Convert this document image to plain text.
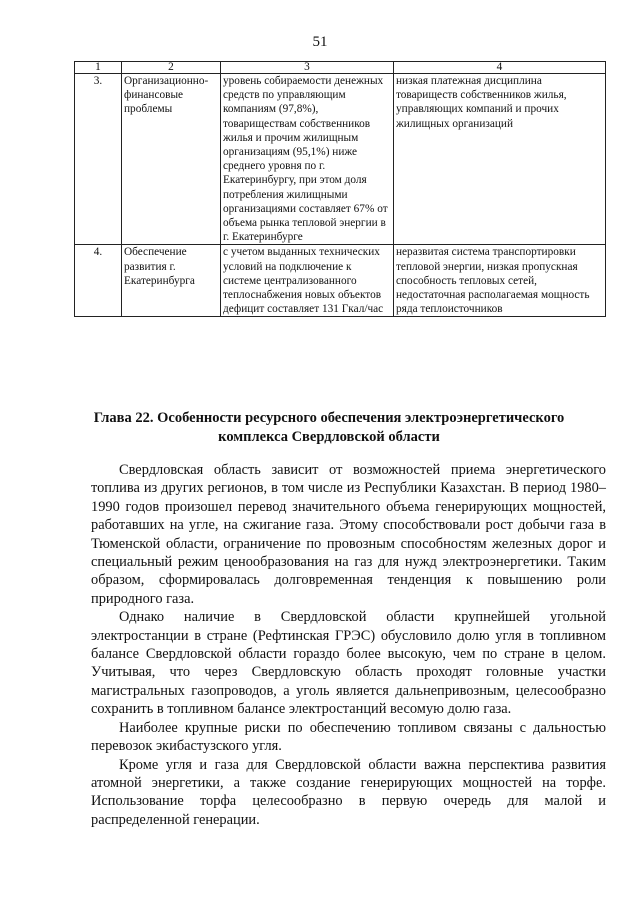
51
1	2	3	4
3.	Организационно-финансовые проблемы	уровень собираемости денежных средств по управляющим компаниям (97,8%), товариществам собственников жилья и прочим жилищным организациям (95,1%) ниже среднего уровня по г. Екатеринбургу, при этом доля потребления жилищными организациями составляет 67% от объема рынка тепловой энергии в г. Екатеринбурге	низкая платежная дисциплина товариществ собственников жилья, управляющих компаний и прочих жилищных организаций
4.	Обеспечение развития г. Екатеринбурга	с учетом выданных технических условий на подключение к системе централизованного теплоснабжения новых объектов дефицит составляет 131 Гкал/час	неразвитая система транспортировки тепловой энергии, низкая пропускная способность тепловых сетей, недостаточная располагаемая мощность ряда теплоисточников
Глава 22. Особенности ресурсного обеспечения электроэнергетического комплекса Свердловской области

Свердловская область зависит от возможностей приема энергетического топлива из других регионов, в том числе из Республики Казахстан. В период 1980–1990 годов произошел перевод значительного объема генерирующих мощностей, работавших на угле, на сжигание газа. Этому способствовали рост добычи газа в Тюменской области, ограничение по провозным способностям железных дорог и специальный режим ценообразования на газ для нужд электроэнергетики. Таким образом, сформировалась долговременная тенденция к повышению роли природного газа.

Однако наличие в Свердловской области крупнейшей угольной электростанции в стране (Рефтинская ГРЭС) обусловило долю угля в топливном балансе Свердловской области гораздо более высокую, чем по стране в целом. Учитывая, что через Свердловскую область проходят головные участки магистральных газопроводов, а уголь является дальнепривозным, целесообразно сохранить в топливном балансе электростанций весомую долю газа.

Наиболее крупные риски по обеспечению топливом связаны с дальностью перевозок экибастузского угля.

Кроме угля и газа для Свердловской области важна перспектива развития атомной энергетики, а также создание генерирующих мощностей на торфе. Использование торфа целесообразно в первую очередь для малой и распределенной генерации.
